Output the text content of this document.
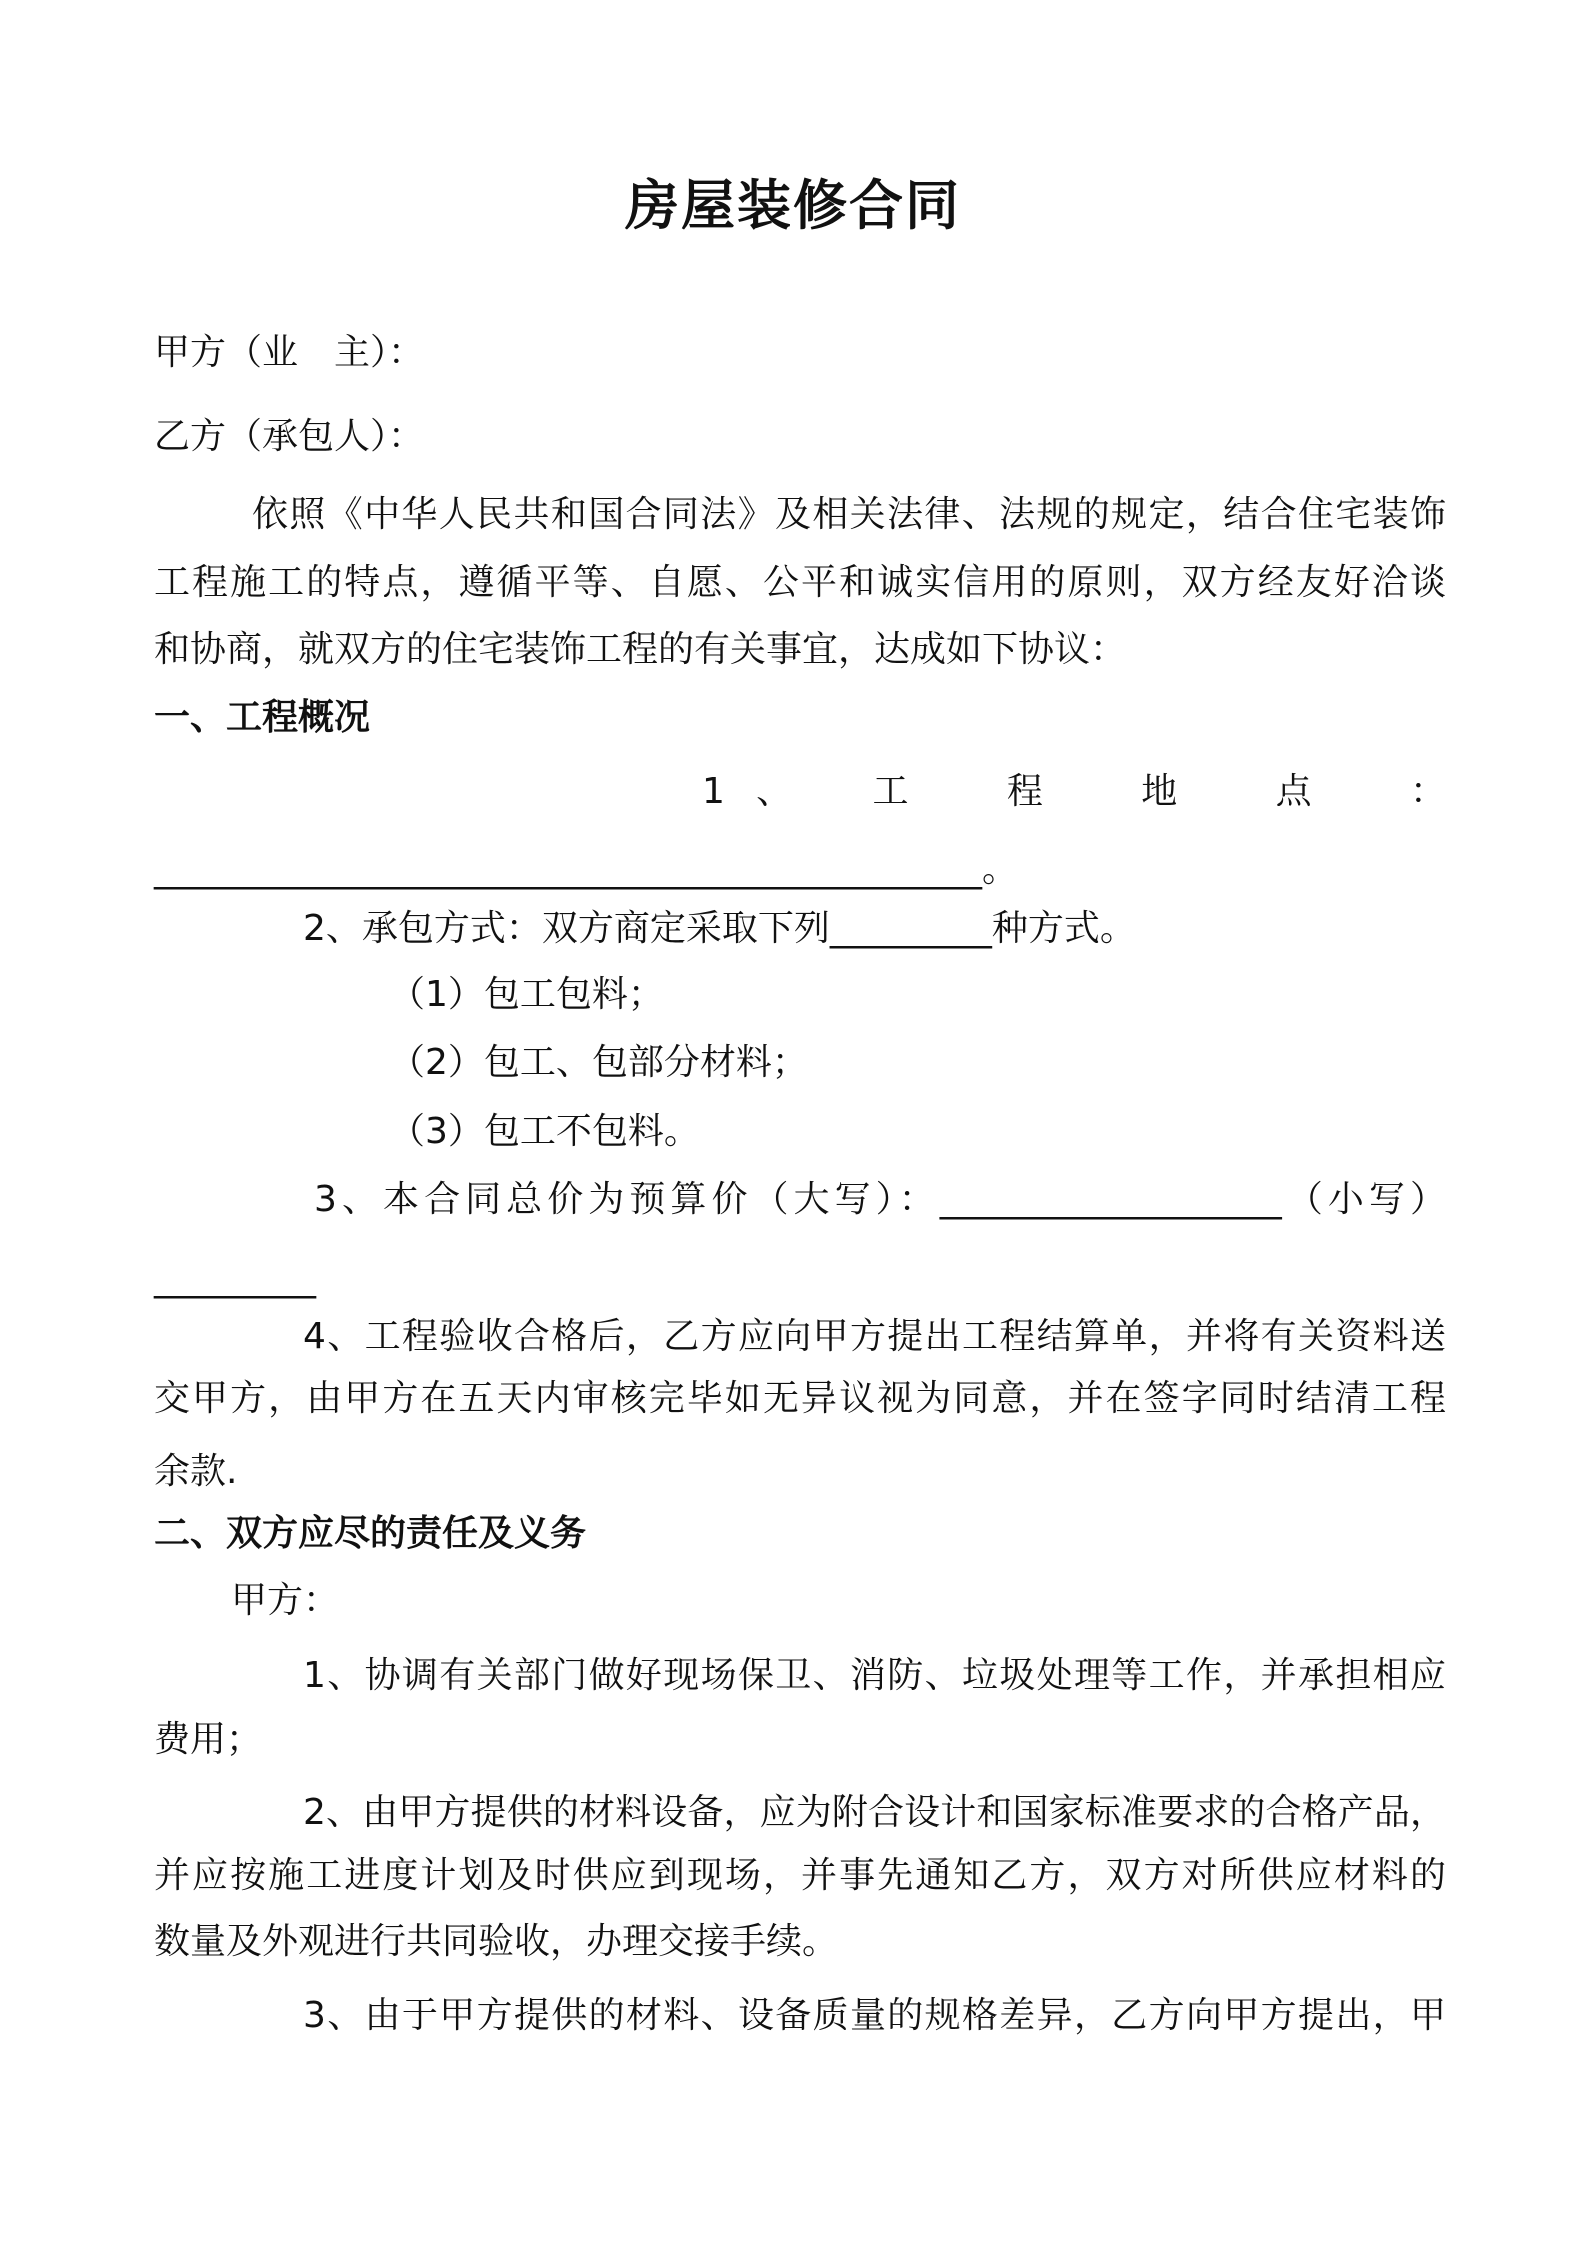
房屋装修合同
甲方（业　主）：
乙方（承包人）：
依照《中华人民共和国合同法》及相关法律、法规的规定，结合住宅装饰
工程施工的特点，遵循平等、自愿、公平和诚实信用的原则，双方经友好洽谈
和协商，就双方的住宅装饰工程的有关事宜，达成如下协议：
一、工程概况
1、　工　程　地　点　：
______________________________________________。
2、承包方式：双方商定采取下列_________种方式。
（1）包工包料；
（2）包工、包部分材料；
（3）包工不包料。
3、本合同总价为预算价（大写）：___________________（小写）
_________
4、工程验收合格后，乙方应向甲方提出工程结算单，并将有关资料送
交甲方，由甲方在五天内审核完毕如无异议视为同意，并在签字同时结清工程
余款.
二、双方应尽的责任及义务
甲方：
1、协调有关部门做好现场保卫、消防、垃圾处理等工作，并承担相应
费用；
2、由甲方提供的材料设备，应为附合设计和国家标准要求的合格产品，
并应按施工进度计划及时供应到现场，并事先通知乙方，双方对所供应材料的
数量及外观进行共同验收，办理交接手续。
3、由于甲方提供的材料、设备质量的规格差异，乙方向甲方提出，甲
